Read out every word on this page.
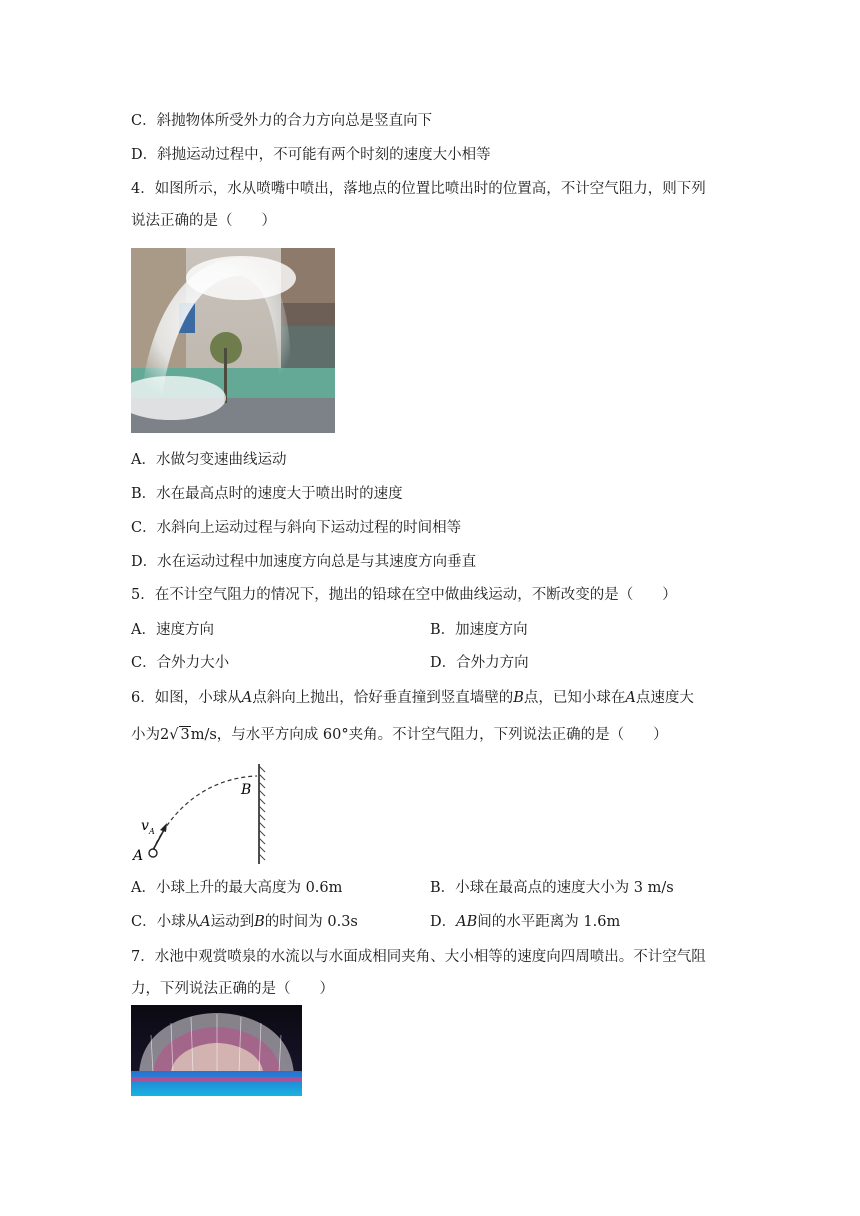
C．斜抛物体所受外力的合力方向总是竖直向下
D．斜抛运动过程中，不可能有两个时刻的速度大小相等
4．如图所示，水从喷嘴中喷出，落地点的位置比喷出时的位置高，不计空气阻力，则下列
说法正确的是（　　）
A．水做匀变速曲线运动
B．水在最高点时的速度大于喷出时的速度
C．水斜向上运动过程与斜向下运动过程的时间相等
D．水在运动过程中加速度方向总是与其速度方向垂直
5．在不计空气阻力的情况下，抛出的铅球在空中做曲线运动，不断改变的是（　　）
A．速度方向	B．加速度方向
C．合外力大小	D．合外力方向
6．如图，小球从A点斜向上抛出，恰好垂直撞到竖直墙壁的B点，已知小球在A点速度大
小为2√ 3m/s，与水平方向成 60°夹角。不计空气阻力，下列说法正确的是（　　）
A
B
v A
A．小球上升的最大高度为 0.6m	B．小球在最高点的速度大小为 3 m/s
C．小球从A运动到B的时间为 0.3s	D．AB间的水平距离为 1.6m
7．水池中观赏喷泉的水流以与水面成相同夹角、大小相等的速度向四周喷出。不计空气阻
力，下列说法正确的是（　　）
